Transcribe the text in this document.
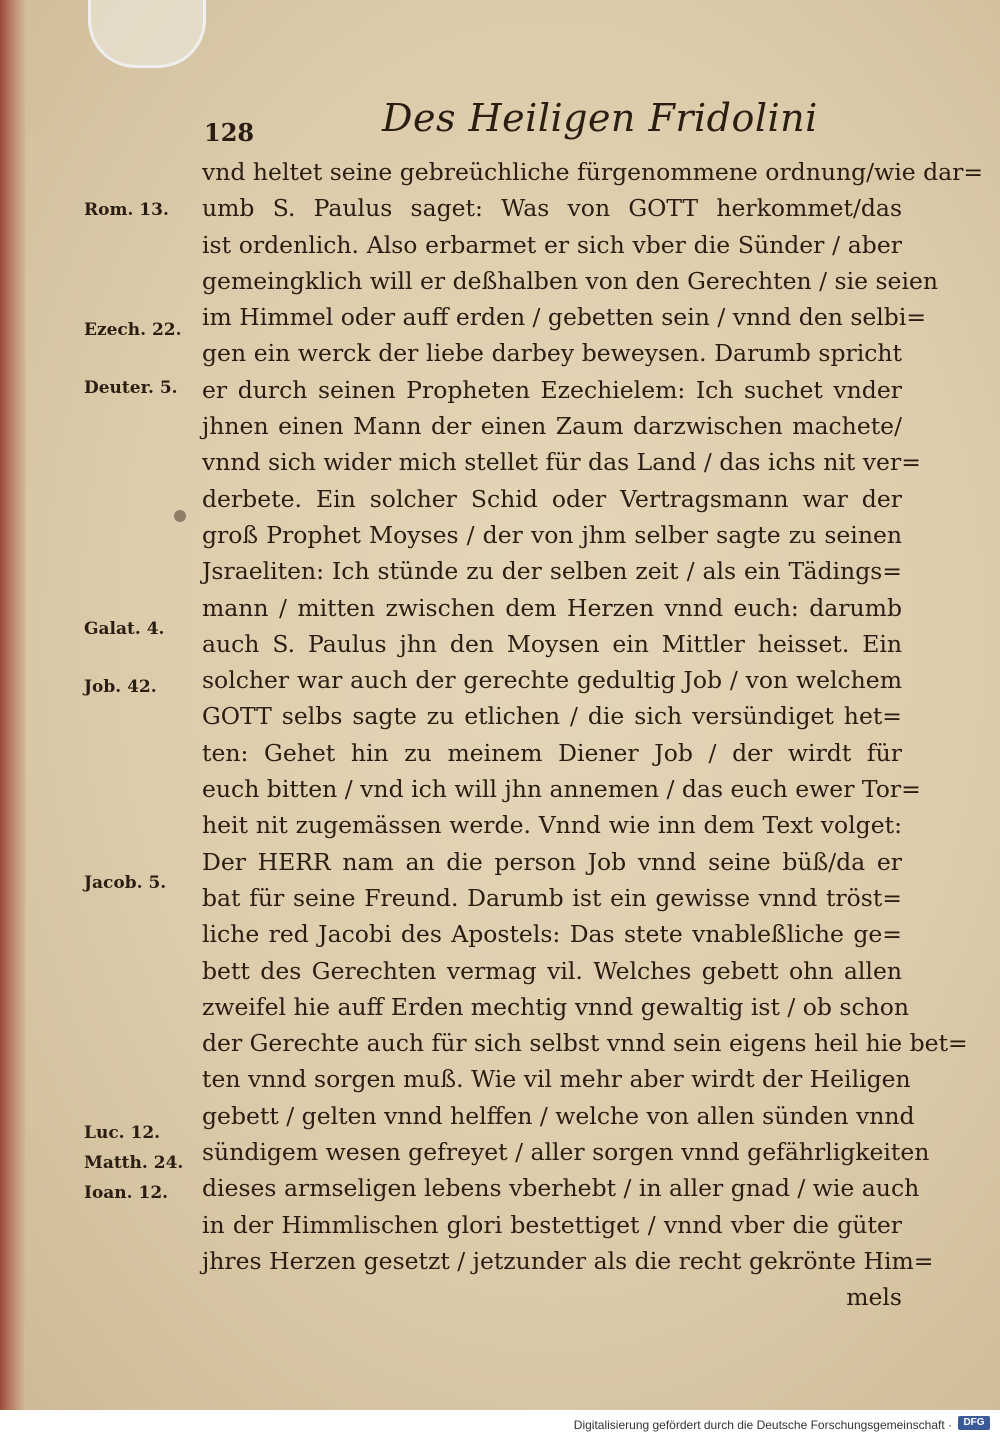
128	Des Heiligen Fridolini
vnd heltet seine gebreüchliche fürgenommene ordnung/wie dar=
umb S. Paulus saget: Was von GOTT herkommet/das
ist ordenlich. Also erbarmet er sich vber die Sünder / aber
gemeingklich will er deßhalben von den Gerechten / sie seien
im Himmel oder auff erden / gebetten sein / vnnd den selbi=
gen ein werck der liebe darbey beweysen. Darumb spricht
er durch seinen Propheten Ezechielem: Ich suchet vnder
jhnen einen Mann der einen Zaum darzwischen machete/
vnnd sich wider mich stellet für das Land / das ichs nit ver=
derbete. Ein solcher Schid oder Vertragsmann war der
groß Prophet Moyses / der von jhm selber sagte zu seinen
Jsraeliten: Ich stünde zu der selben zeit / als ein Tädings=
mann / mitten zwischen dem Herzen vnnd euch: darumb
auch S. Paulus jhn den Moysen ein Mittler heisset. Ein
solcher war auch der gerechte gedultig Job / von welchem
GOTT selbs sagte zu etlichen / die sich versündiget het=
ten: Gehet hin zu meinem Diener Job / der wirdt für
euch bitten / vnd ich will jhn annemen / das euch ewer Tor=
heit nit zugemässen werde. Vnnd wie inn dem Text volget:
Der HERR nam an die person Job vnnd seine büß/da er
bat für seine Freund. Darumb ist ein gewisse vnnd tröst=
liche red Jacobi des Apostels: Das stete vnableßliche ge=
bett des Gerechten vermag vil. Welches gebett ohn allen
zweifel hie auff Erden mechtig vnnd gewaltig ist / ob schon
der Gerechte auch für sich selbst vnnd sein eigens heil hie bet=
ten vnnd sorgen muß. Wie vil mehr aber wirdt der Heiligen
gebett / gelten vnnd helffen / welche von allen sünden vnnd
sündigem wesen gefreyet / aller sorgen vnnd gefährligkeiten
dieses armseligen lebens vberhebt / in aller gnad / wie auch
in der Himmlischen glori bestettiget / vnnd vber die güter
jhres Herzen gesetzt / jetzunder als die recht gekrönte Him=
mels
Rom. 13.
Ezech. 22.
Deuter. 5.
Galat. 4.
Job. 42.
Jacob. 5.
Luc. 12.
Matth. 24.
Ioan. 12.
Digitalisierung gefördert durch die Deutsche Forschungsgemeinschaft ·	DFG
